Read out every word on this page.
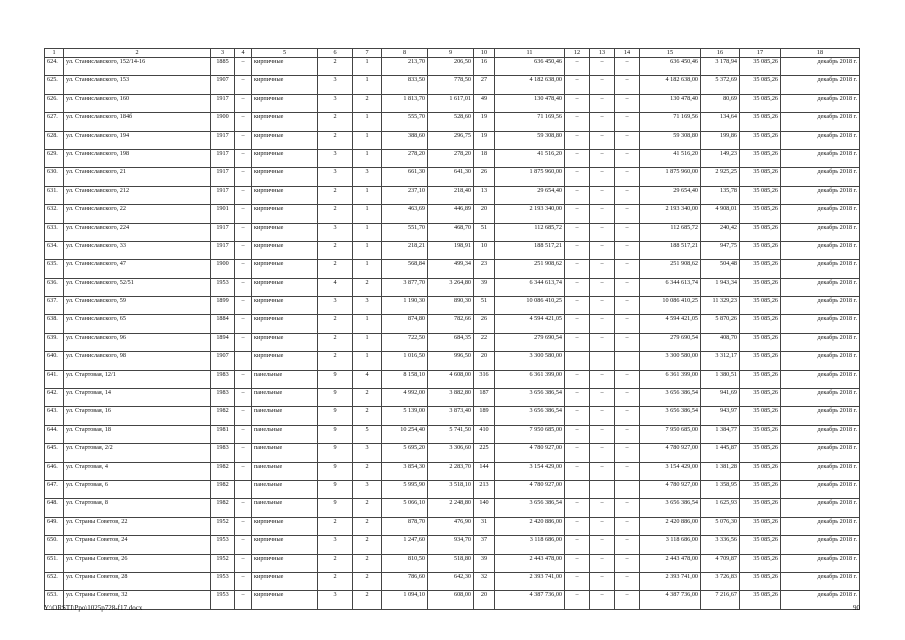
1	2	3	4	5	6	7	8	9	10	11	12	13	14	15	16	17	18
624.	ул. Станиславского, 152/14-16	1885	–	кирпичные	2	1	213,70	206,50	16	636 450,46	–	–	–	636 450,46	3 178,94	35 085,26	декабрь 2018 г.
625.	ул. Станиславского, 153	1907	–	кирпичные	3	1	833,50	778,50	27	4 182 638,00	–	–	–	4 182 638,00	5 372,69	35 085,26	декабрь 2018 г.
626.	ул. Станиславского, 160	1917	–	кирпичные	3	2	1 813,70	1 617,01	49	130 478,40	–	–	–	130 478,40	80,69	35 085,26	декабрь 2018 г.
627.	ул. Станиславского, 184б	1900	–	кирпичные	2	1	555,70	528,60	19	71 169,56	–	–	–	71 169,56	134,64	35 085,26	декабрь 2018 г.
628.	ул. Станиславского, 194	1917	–	кирпичные	2	1	388,60	296,75	19	59 308,80	–	–	–	59 308,80	199,86	35 085,26	декабрь 2018 г.
629.	ул. Станиславского, 198	1917	–	кирпичные	3	1	278,20	278,20	18	41 516,20	–	–	–	41 516,20	149,23	35 085,26	декабрь 2018 г.
630.	ул. Станиславского, 21	1917	–	кирпичные	3	3	661,30	641,30	26	1 875 960,00	–	–	–	1 875 960,00	2 925,25	35 085,26	декабрь 2018 г.
631.	ул. Станиславского, 212	1917	–	кирпичные	2	1	237,10	218,40	13	29 654,40	–	–	–	29 654,40	135,78	35 085,26	декабрь 2018 г.
632.	ул. Станиславского, 22	1901	–	кирпичные	2	1	463,69	446,89	20	2 193 340,00	–	–	–	2 193 340,00	4 908,01	35 085,26	декабрь 2018 г.
633.	ул. Станиславского, 224	1917	–	кирпичные	3	1	551,70	468,70	51	112 685,72	–	–	–	112 685,72	240,42	35 085,26	декабрь 2018 г.
634.	ул. Станиславского, 33	1917	–	кирпичные	2	1	218,21	198,91	10	188 517,21	–	–	–	188 517,21	947,75	35 085,26	декабрь 2018 г.
635.	ул. Станиславского, 47	1900	–	кирпичные	2	1	568,84	499,34	23	251 908,62	–	–	–	251 908,62	504,48	35 085,26	декабрь 2018 г.
636.	ул. Станиславского, 52/51	1953	–	кирпичные	4	2	3 877,70	3 264,80	39	6 344 613,74	–	–	–	6 344 613,74	1 943,34	35 085,26	декабрь 2018 г.
637.	ул. Станиславского, 59	1899	–	кирпичные	3	3	1 190,30	890,30	51	10 086 410,25	–	–	–	10 086 410,25	11 329,23	35 085,26	декабрь 2018 г.
638.	ул. Станиславского, 65	1884	–	кирпичные	2	1	874,80	782,66	26	4 594 421,05	–	–	–	4 594 421,05	5 870,26	35 085,26	декабрь 2018 г.
639.	ул. Станиславского, 96	1894	–	кирпичные	2	1	722,50	684,35	22	279 690,54	–	–	–	279 690,54	408,70	35 085,26	декабрь 2018 г.
640.	ул. Станиславского, 98	1907		кирпичные	2	1	1 016,50	996,50	20	3 300 580,00				3 300 580,00	3 312,17	35 085,26	декабрь 2018 г.
641.	ул. Стартовая, 12/1	1983	–	панельные	9	4	8 158,10	4 608,00	316	6 361 399,00	–	–	–	6 361 399,00	1 380,51	35 085,26	декабрь 2018 г.
642.	ул. Стартовая, 14	1983	–	панельные	9	2	4 992,00	3 882,80	187	3 656 386,54	–	–	–	3 656 386,54	941,69	35 085,26	декабрь 2018 г.
643.	ул. Стартовая, 16	1982	–	панельные	9	2	5 139,00	3 873,40	189	3 656 386,54	–	–	–	3 656 386,54	943,97	35 085,26	декабрь 2018 г.
644.	ул. Стартовая, 18	1981	–	панельные	9	5	10 254,40	5 741,50	410	7 950 685,00	–	–	–	7 950 685,00	1 384,77	35 085,26	декабрь 2018 г.
645.	ул. Стартовая, 2/2	1983	–	панельные	9	3	5 695,20	3 306,60	225	4 780 927,00	–	–	–	4 780 927,00	1 445,87	35 085,26	декабрь 2018 г.
646.	ул. Стартовая, 4	1982	–	панельные	9	2	3 854,30	2 283,70	144	3 154 429,00	–	–	–	3 154 429,00	1 381,28	35 085,26	декабрь 2018 г.
647.	ул. Стартовая, 6	1982		панельные	9	3	5 995,90	3 518,10	213	4 780 927,00				4 780 927,00	1 358,95	35 085,26	декабрь 2018 г.
648.	ул. Стартовая, 8	1982	–	панельные	9	2	5 066,10	2 248,80	140	3 656 386,54	–	–	–	3 656 386,54	1 625,93	35 085,26	декабрь 2018 г.
649.	ул. Страны Советов, 22	1952	–	кирпичные	2	2	878,70	476,90	31	2 420 886,00	–	–	–	2 420 886,00	5 076,30	35 085,26	декабрь 2018 г.
650.	ул. Страны Советов, 24	1953	–	кирпичные	3	2	1 247,60	934,70	37	3 118 686,00	–	–	–	3 118 686,00	3 336,56	35 085,26	декабрь 2018 г.
651.	ул. Страны Советов, 26	1952	–	кирпичные	2	2	810,50	518,80	39	2 443 478,00	–	–	–	2 443 478,00	4 709,87	35 085,26	декабрь 2018 г.
652.	ул. Страны Советов, 28	1953	–	кирпичные	2	2	786,60	642,30	32	2 393 741,00	–	–	–	2 393 741,00	3 726,83	35 085,26	декабрь 2018 г.
653.	ул. Страны Советов, 32	1953	–	кирпичные	3	2	1 094,10	608,00	20	4 387 736,00	–	–	–	4 387 736,00	7 216,67	35 085,26	декабрь 2018 г.
Y:\ORSTI\Ppo\1025p728-f17.docx	90
